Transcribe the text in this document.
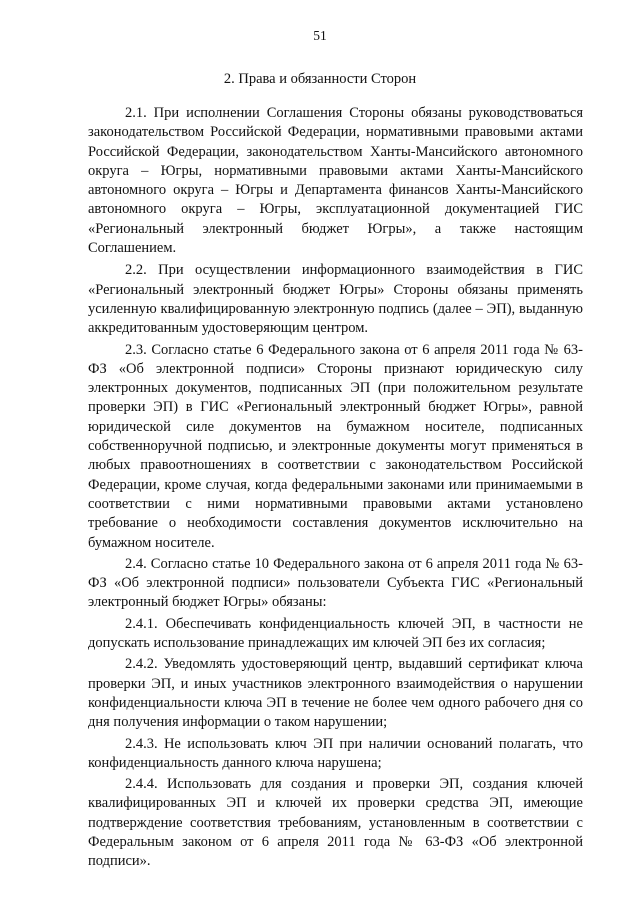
51
2. Права и обязанности Сторон

2.1. При исполнении Соглашения Стороны обязаны руководствоваться законодательством Российской Федерации, нормативными правовыми актами Российской Федерации, законодательством Ханты-Мансийского автономного округа – Югры, нормативными правовыми актами Ханты-Мансийского автономного округа – Югры и Департамента финансов Ханты-Мансийского автономного округа – Югры, эксплуатационной документацией ГИС «Региональный электронный бюджет Югры», а также настоящим Соглашением.

2.2. При осуществлении информационного взаимодействия в ГИС «Региональный электронный бюджет Югры» Стороны обязаны применять усиленную квалифицированную электронную подпись (далее – ЭП), выданную аккредитованным удостоверяющим центром.

2.3. Согласно статье 6 Федерального закона от 6 апреля 2011 года № 63-ФЗ «Об электронной подписи» Стороны признают юридическую силу электронных документов, подписанных ЭП (при положительном результате проверки ЭП) в ГИС «Региональный электронный бюджет Югры», равной юридической силе документов на бумажном носителе, подписанных собственноручной подписью, и электронные документы могут применяться в любых правоотношениях в соответствии с законодательством Российской Федерации, кроме случая, когда федеральными законами или принимаемыми в соответствии с ними нормативными правовыми актами установлено требование о необходимости составления документов исключительно на бумажном носителе.

2.4. Согласно статье 10 Федерального закона от 6 апреля 2011 года № 63-ФЗ «Об электронной подписи» пользователи Субъекта ГИС «Региональный электронный бюджет Югры» обязаны:

2.4.1. Обеспечивать конфиденциальность ключей ЭП, в частности не допускать использование принадлежащих им ключей ЭП без их согласия;

2.4.2. Уведомлять удостоверяющий центр, выдавший сертификат ключа проверки ЭП, и иных участников электронного взаимодействия о нарушении конфиденциальности ключа ЭП в течение не более чем одного рабочего дня со дня получения информации о таком нарушении;

2.4.3. Не использовать ключ ЭП при наличии оснований полагать, что конфиденциальность данного ключа нарушена;

2.4.4. Использовать для создания и проверки ЭП, создания ключей квалифицированных ЭП и ключей их проверки средства ЭП, имеющие подтверждение соответствия требованиям, установленным в соответствии с Федеральным законом от 6 апреля 2011 года № 63-ФЗ «Об электронной подписи».
